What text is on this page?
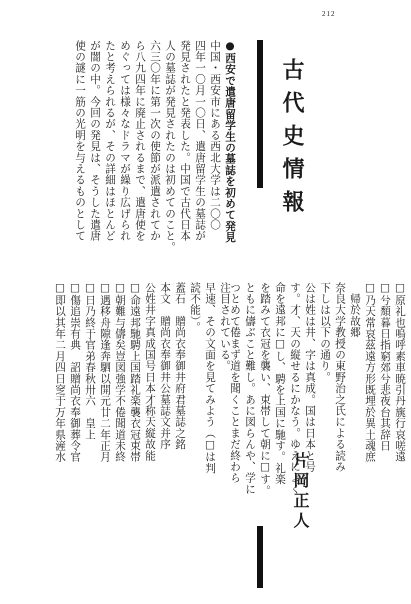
212
古代史情報
片岡正人
□原礼也嗚呼素車暁引丹旐行哀嗟遠
□兮頽暮日指窮郊兮悲夜台其辞日
□乃天常哀茲遠方形既埋於異土魂庶
　帰於故郷
奈良大学教授の東野治之氏による読み
下しは以下の通り。
公は姓は井、字は真成。国は日本と号
す。才、天の縦せるにかなう。ゆえによく
命を遠邦に□し、騁を上国に馳す。礼楽
を踏みて衣冠を襲い、束帯して朝に□す。
ともに儔ぶこと難し。あに図らんや、学に
つとめて倦まず道を聞くことまだ終わら
注目されている。
早速、その文面を見てみよう（□は判
読不能）。
蓋石　贈尚衣奉御井府君墓誌之銘
本文　贈尚衣奉御井公墓誌文并序
公姓井字真成国号日本才称天縦故能
□命遠邦馳騁上国踏礼楽襲衣冠束帯
□朝難与儔矣豈図強学不倦聞道未終
□遇移舟隙逢奔駟以開元廿二年正月
□日乃終于官弟春秋卅六　皇上
□傷追崇有典　詔贈尚衣奉御葬令官
□即以其年二月四日窆于万年県滻水
●西安で遣唐留学生の墓誌を初めて発見
中国・西安市にある西北大学は二〇〇
四年一〇月一〇日、遣唐留学生の墓誌が
発見されたと発表した。中国で古代日本
人の墓誌が発見されたのは初めてのこと。
六三〇年に第一次の使節が派遣されてか
ら八九四年に廃止されるまで、遣唐使を
めぐっては様々なドラマが繰り広げられ
たと考えられるが、その詳細はほとんど
が闇の中。今回の発見は、そうした遣唐
使の謎に一筋の光明を与えるものとして
